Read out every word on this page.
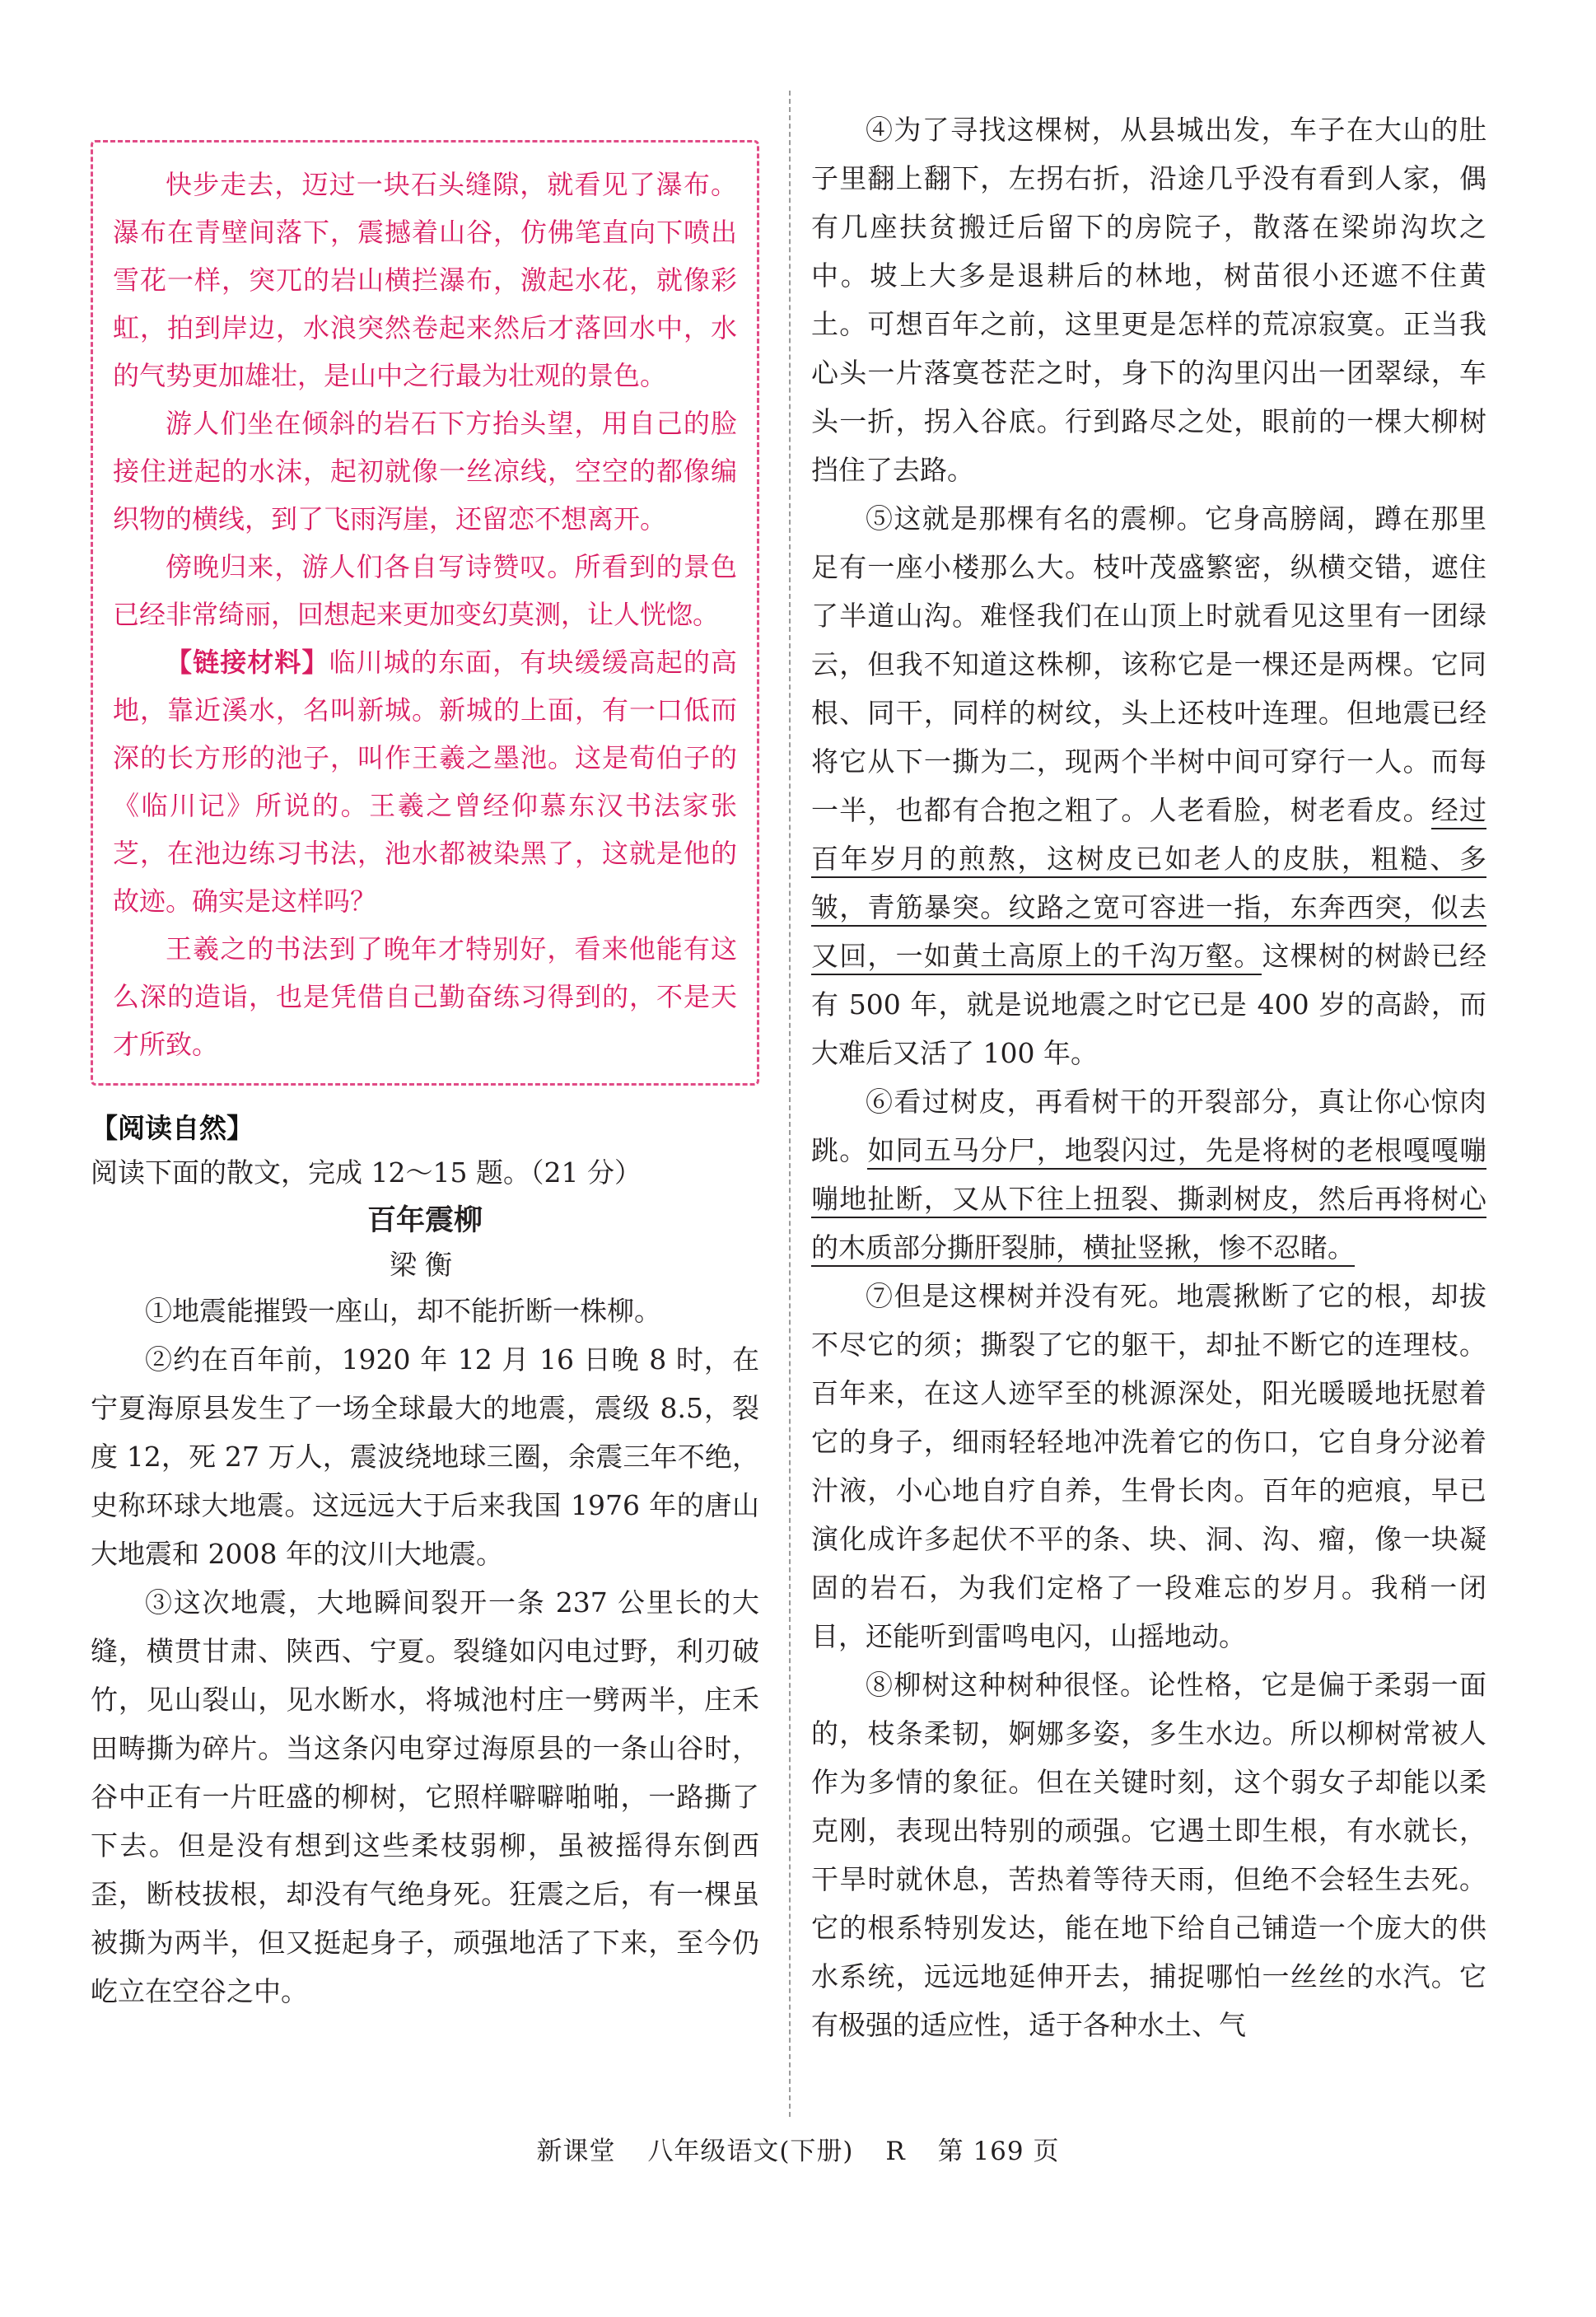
快步走去，迈过一块石头缝隙，就看见了瀑布。瀑布在青壁间落下，震撼着山谷，仿佛笔直向下喷出雪花一样，突兀的岩山横拦瀑布，激起水花，就像彩虹，拍到岸边，水浪突然卷起来然后才落回水中，水的气势更加雄壮，是山中之行最为壮观的景色。

游人们坐在倾斜的岩石下方抬头望，用自己的脸接住迸起的水沫，起初就像一丝凉线，空空的都像编织物的横线，到了飞雨泻崖，还留恋不想离开。

傍晚归来，游人们各自写诗赞叹。所看到的景色已经非常绮丽，回想起来更加变幻莫测，让人恍惚。

【链接材料】临川城的东面，有块缓缓高起的高地，靠近溪水，名叫新城。新城的上面，有一口低而深的长方形的池子，叫作王羲之墨池。这是荀伯子的《临川记》所说的。王羲之曾经仰慕东汉书法家张芝，在池边练习书法，池水都被染黑了，这就是他的故迹。确实是这样吗？

王羲之的书法到了晚年才特别好，看来他能有这么深的造诣，也是凭借自己勤奋练习得到的，不是天才所致。

【阅读自然】

阅读下面的散文，完成 12～15 题。（21 分）

百年震柳
梁衡

①地震能摧毁一座山，却不能折断一株柳。

②约在百年前，1920 年 12 月 16 日晚 8 时，在宁夏海原县发生了一场全球最大的地震，震级 8.5，裂度 12，死 27 万人，震波绕地球三圈，余震三年不绝，史称环球大地震。这远远大于后来我国 1976 年的唐山大地震和 2008 年的汶川大地震。

③这次地震，大地瞬间裂开一条 237 公里长的大缝，横贯甘肃、陕西、宁夏。裂缝如闪电过野，利刃破竹，见山裂山，见水断水，将城池村庄一劈两半，庄禾田畴撕为碎片。当这条闪电穿过海原县的一条山谷时，谷中正有一片旺盛的柳树，它照样噼噼啪啪，一路撕了下去。但是没有想到这些柔枝弱柳，虽被摇得东倒西歪，断枝拔根，却没有气绝身死。狂震之后，有一棵虽被撕为两半，但又挺起身子，顽强地活了下来，至今仍屹立在空谷之中。

④为了寻找这棵树，从县城出发，车子在大山的肚子里翻上翻下，左拐右折，沿途几乎没有看到人家，偶有几座扶贫搬迁后留下的房院子，散落在梁峁沟坎之中。坡上大多是退耕后的林地，树苗很小还遮不住黄土。可想百年之前，这里更是怎样的荒凉寂寞。正当我心头一片落寞苍茫之时，身下的沟里闪出一团翠绿，车头一折，拐入谷底。行到路尽之处，眼前的一棵大柳树挡住了去路。

⑤这就是那棵有名的震柳。它身高膀阔，蹲在那里足有一座小楼那么大。枝叶茂盛繁密，纵横交错，遮住了半道山沟。难怪我们在山顶上时就看见这里有一团绿云，但我不知道这株柳，该称它是一棵还是两棵。它同根、同干，同样的树纹，头上还枝叶连理。但地震已经将它从下一撕为二，现两个半树中间可穿行一人。而每一半，也都有合抱之粗了。人老看脸，树老看皮。经过百年岁月的煎熬，这树皮已如老人的皮肤，粗糙、多皱，青筋暴突。纹路之宽可容进一指，东奔西突，似去又回，一如黄土高原上的千沟万壑。这棵树的树龄已经有 500 年，就是说地震之时它已是 400 岁的高龄，而大难后又活了 100 年。

⑥看过树皮，再看树干的开裂部分，真让你心惊肉跳。如同五马分尸，地裂闪过，先是将树的老根嘎嘎嘣嘣地扯断，又从下往上扭裂、撕剥树皮，然后再将树心的木质部分撕肝裂肺，横扯竖揪，惨不忍睹。

⑦但是这棵树并没有死。地震揪断了它的根，却拔不尽它的须；撕裂了它的躯干，却扯不断它的连理枝。百年来，在这人迹罕至的桃源深处，阳光暖暖地抚慰着它的身子，细雨轻轻地冲洗着它的伤口，它自身分泌着汁液，小心地自疗自养，生骨长肉。百年的疤痕，早已演化成许多起伏不平的条、块、洞、沟、瘤，像一块凝固的岩石，为我们定格了一段难忘的岁月。我稍一闭目，还能听到雷鸣电闪，山摇地动。

⑧柳树这种树种很怪。论性格，它是偏于柔弱一面的，枝条柔韧，婀娜多姿，多生水边。所以柳树常被人作为多情的象征。但在关键时刻，这个弱女子却能以柔克刚，表现出特别的顽强。它遇土即生根，有水就长，干旱时就休息，苦热着等待天雨，但绝不会轻生去死。它的根系特别发达，能在地下给自己铺造一个庞大的供水系统，远远地延伸开去，捕捉哪怕一丝丝的水汽。它有极强的适应性，适于各种水土、气

新课堂 八年级语文(下册) R 第 169 页
